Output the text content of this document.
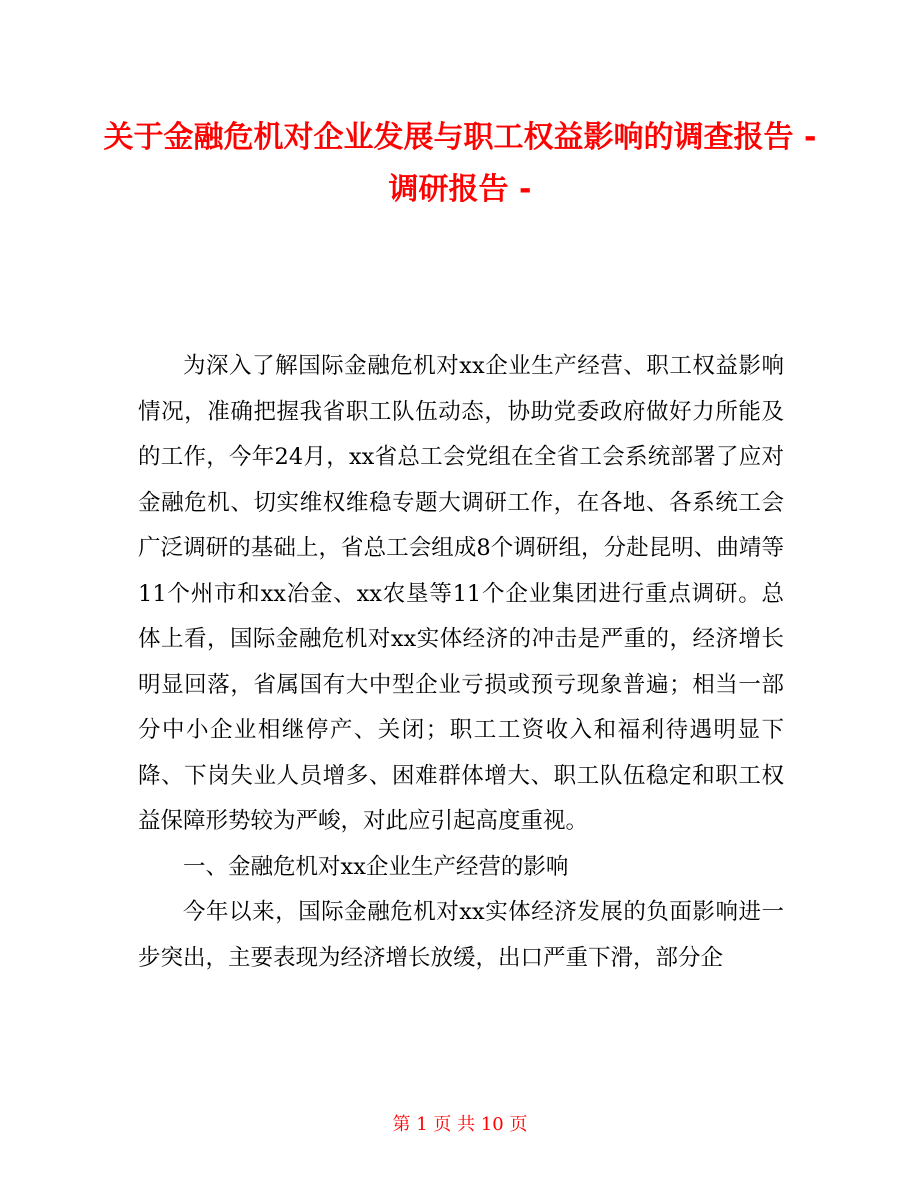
关于金融危机对企业发展与职工权益影响的调查报告 - 调研报告 -

为深入了解国际金融危机对xx企业生产经营、职工权益影响情况，准确把握我省职工队伍动态，协助党委政府做好力所能及的工作，今年24月，xx省总工会党组在全省工会系统部署了应对金融危机、切实维权维稳专题大调研工作，在各地、各系统工会广泛调研的基础上，省总工会组成8个调研组，分赴昆明、曲靖等11个州市和xx冶金、xx农垦等11个企业集团进行重点调研。总体上看，国际金融危机对xx实体经济的冲击是严重的，经济增长明显回落，省属国有大中型企业亏损或预亏现象普遍；相当一部分中小企业相继停产、关闭；职工工资收入和福利待遇明显下降、下岗失业人员增多、困难群体增大、职工队伍稳定和职工权益保障形势较为严峻，对此应引起高度重视。

一、金融危机对xx企业生产经营的影响

今年以来，国际金融危机对xx实体经济发展的负面影响进一步突出，主要表现为经济增长放缓，出口严重下滑，部分企

第 1 页 共 10 页
